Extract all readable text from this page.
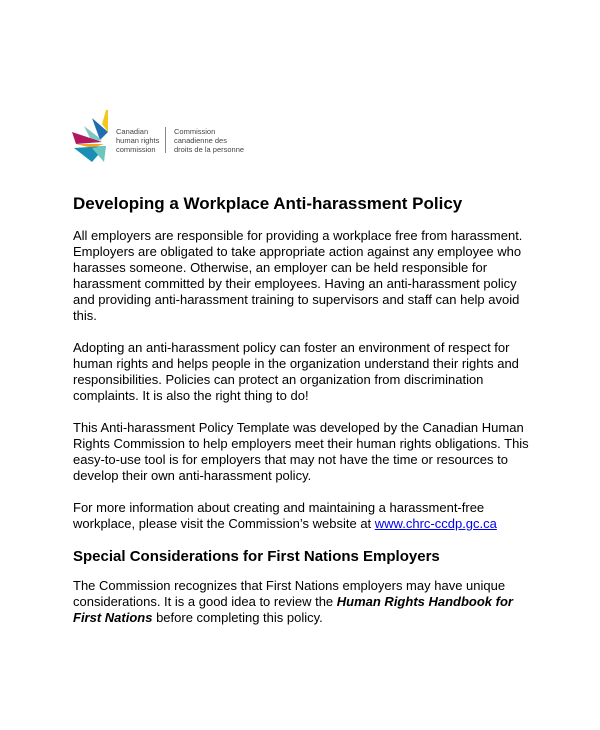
Canadian
human rights
commission
Commission
canadienne des
droits de la personne
Developing a Workplace Anti-harassment Policy

All employers are responsible for providing a workplace free from harassment. Employers are obligated to take appropriate action against any employee who harasses someone. Otherwise, an employer can be held responsible for harassment committed by their employees. Having an anti-harassment policy and providing anti-harassment training to supervisors and staff can help avoid this.

Adopting an anti-harassment policy can foster an environment of respect for human rights and helps people in the organization understand their rights and responsibilities. Policies can protect an organization from discrimination complaints. It is also the right thing to do!

This Anti-harassment Policy Template was developed by the Canadian Human Rights Commission to help employers meet their human rights obligations. This easy-to-use tool is for employers that may not have the time or resources to develop their own anti-harassment policy.

For more information about creating and maintaining a harassment-free workplace, please visit the Commission’s website at www.chrc-ccdp.gc.ca

Special Considerations for First Nations Employers

The Commission recognizes that First Nations employers may have unique considerations. It is a good idea to review the Human Rights Handbook for First Nations before completing this policy.
